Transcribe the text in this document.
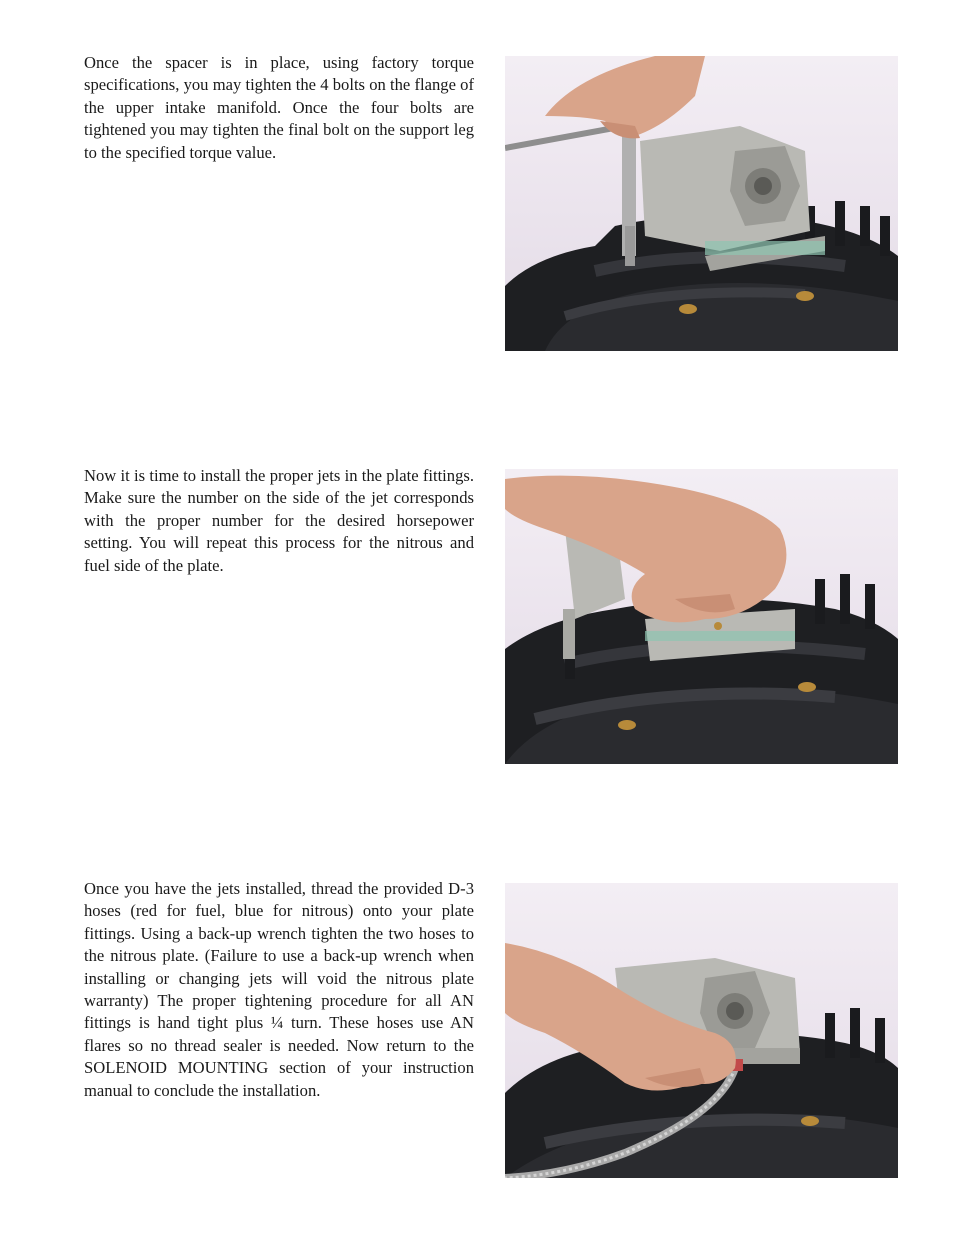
Once the spacer is in place, using factory torque specifications, you may tighten the 4 bolts on the flange of the upper intake manifold. Once the four bolts are tightened you may tighten the final bolt on the support leg to the specified torque value.

Now it is time to install the proper jets in the plate fittings. Make sure the number on the side of the jet corresponds with the proper number for the desired horsepower setting. You will repeat this process for the nitrous and fuel side of the plate.

Once you have the jets installed, thread the provided D-3 hoses (red for fuel, blue for nitrous) onto your plate fittings. Using a back-up wrench tighten the two hoses to the nitrous plate. (Failure to use a back-up wrench when installing or changing jets will void the nitrous plate warranty) The proper tightening procedure for all AN fittings is hand tight plus ¼ turn. These hoses use AN flares so no thread sealer is needed. Now return to the SOLENOID MOUNTING section of your instruction manual to conclude the installation.
